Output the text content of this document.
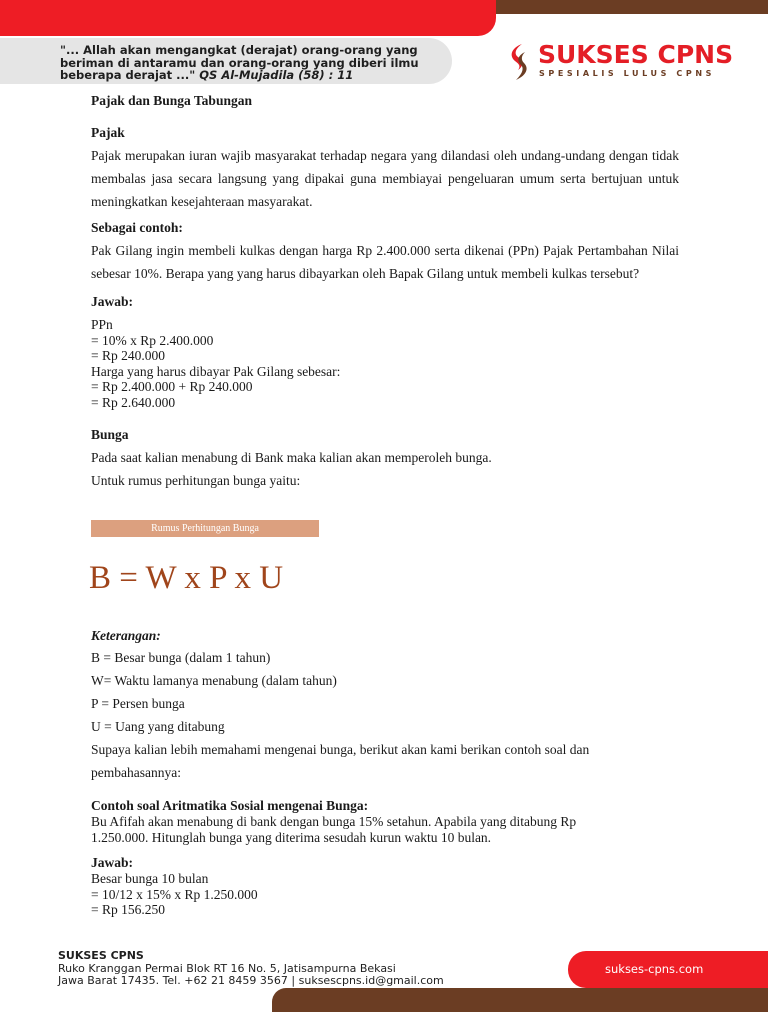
"... Allah akan mengangkat (derajat) orang-orang yang
beriman di antaramu dan orang-orang yang diberi ilmu
beberapa derajat ..." QS Al-Mujadila (58) : 11
SUKSES CPNS
SPESIALIS LULUS CPNS
Pajak dan Bunga Tabungan
Pajak
Pajak merupakan iuran wajib masyarakat terhadap negara yang dilandasi oleh undang-undang dengan tidak membalas jasa secara langsung yang dipakai guna membiayai pengeluaran umum serta bertujuan untuk meningkatkan kesejahteraan masyarakat.
Sebagai contoh:
Pak Gilang ingin membeli kulkas dengan harga Rp 2.400.000 serta dikenai (PPn) Pajak Pertambahan Nilai sebesar 10%. Berapa yang yang harus dibayarkan oleh Bapak Gilang untuk membeli kulkas tersebut?
Jawab:
PPn
= 10% x Rp 2.400.000
= Rp 240.000
Harga yang harus dibayar Pak Gilang sebesar:
= Rp 2.400.000 + Rp 240.000
= Rp 2.640.000
Bunga
Pada saat kalian menabung di Bank maka kalian akan memperoleh bunga.
Untuk rumus perhitungan bunga yaitu:
Rumus Perhitungan Bunga
B = W x P x U
Keterangan:
B = Besar bunga (dalam 1 tahun)
W= Waktu lamanya menabung (dalam tahun)
P = Persen bunga
U = Uang yang ditabung
Supaya kalian lebih memahami mengenai bunga, berikut akan kami berikan contoh soal dan pembahasannya:
Contoh soal Aritmatika Sosial mengenai Bunga:
Bu Afifah akan menabung di bank dengan bunga 15% setahun. Apabila yang ditabung Rp
1.250.000. Hitunglah bunga yang diterima sesudah kurun waktu 10 bulan.
Jawab:
Besar bunga 10 bulan
= 10/12 x 15% x Rp 1.250.000
= Rp 156.250
SUKSES CPNS
Ruko Kranggan Permai Blok RT 16 No. 5, Jatisampurna Bekasi
Jawa Barat 17435. Tel. +62 21 8459 3567 | suksescpns.id@gmail.com
sukses-cpns.com
